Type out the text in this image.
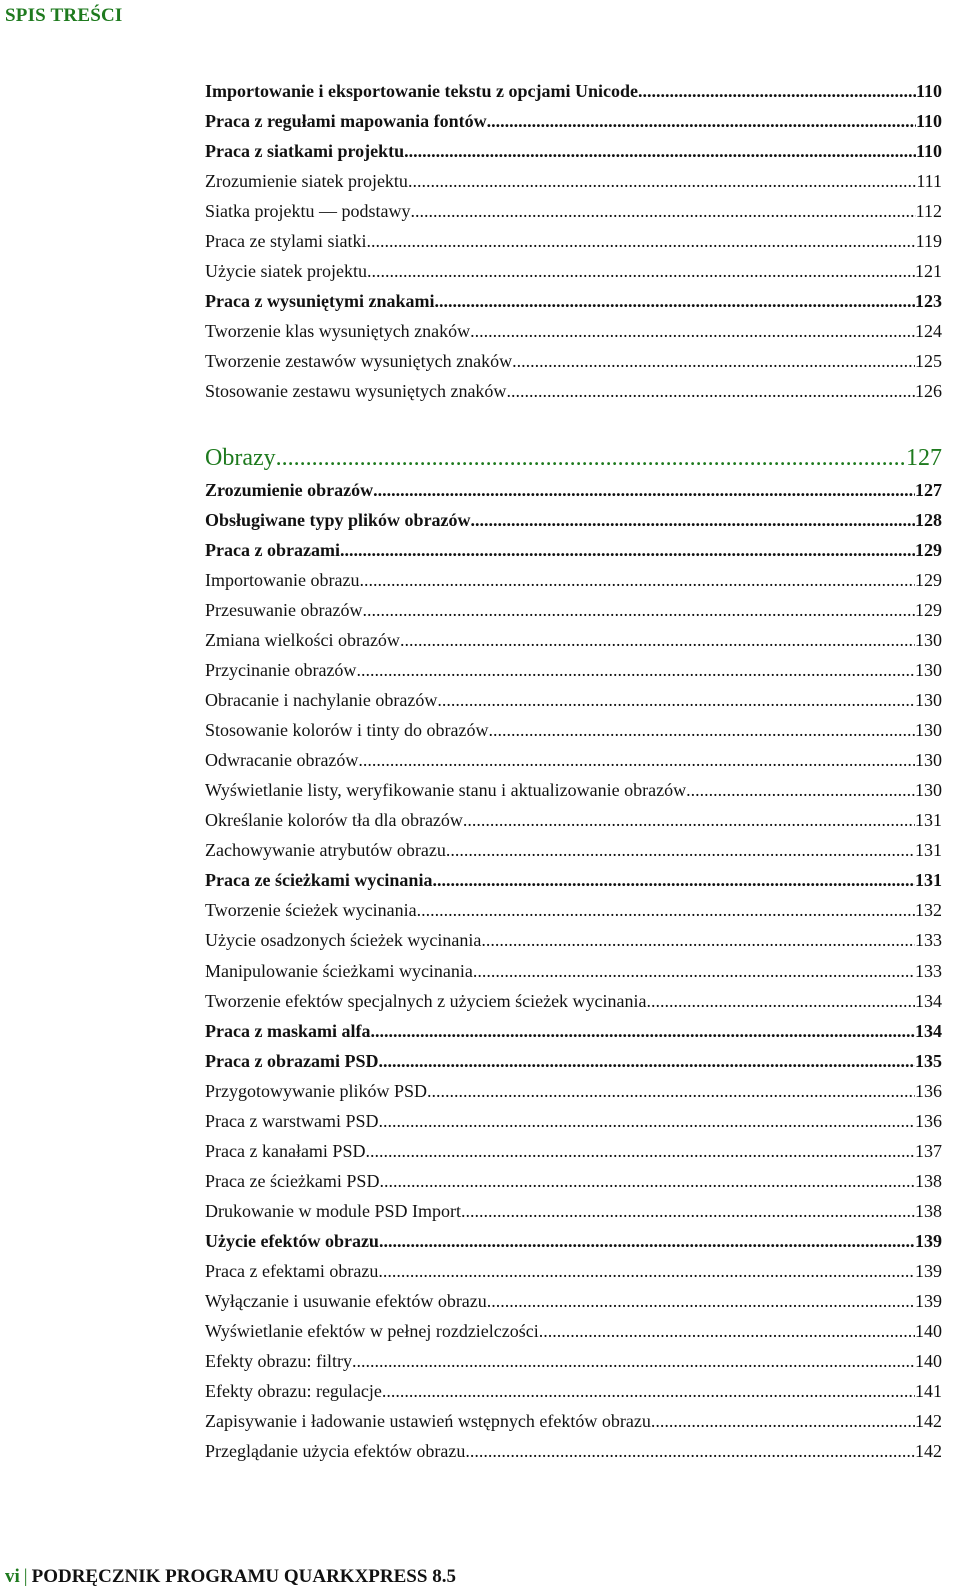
SPIS TREŚCI
Importowanie i eksportowanie tekstu z opcjami Unicode .....	110
Praca z regułami mapowania fontów .....	110
Praca z siatkami projektu .....	110
Zrozumienie siatek projektu .....	111
Siatka projektu — podstawy .....	112
Praca ze stylami siatki .....	119
Użycie siatek projektu .....	121
Praca z wysuniętymi znakami .....	123
Tworzenie klas wysuniętych znaków .....	124
Tworzenie zestawów wysuniętych znaków .....	125
Stosowanie zestawu wysuniętych znaków .....	126
Obrazy .....	127
Zrozumienie obrazów .....	127
Obsługiwane typy plików obrazów .....	128
Praca z obrazami .....	129
Importowanie obrazu .....	129
Przesuwanie obrazów .....	129
Zmiana wielkości obrazów .....	130
Przycinanie obrazów .....	130
Obracanie i nachylanie obrazów .....	130
Stosowanie kolorów i tinty do obrazów .....	130
Odwracanie obrazów .....	130
Wyświetlanie listy, weryfikowanie stanu i aktualizowanie obrazów .....	130
Określanie kolorów tła dla obrazów .....	131
Zachowywanie atrybutów obrazu .....	131
Praca ze ścieżkami wycinania .....	131
Tworzenie ścieżek wycinania .....	132
Użycie osadzonych ścieżek wycinania .....	133
Manipulowanie ścieżkami wycinania .....	133
Tworzenie efektów specjalnych z użyciem ścieżek wycinania .....	134
Praca z maskami alfa .....	134
Praca z obrazami PSD .....	135
Przygotowywanie plików PSD .....	136
Praca z warstwami PSD .....	136
Praca z kanałami PSD .....	137
Praca ze ścieżkami PSD .....	138
Drukowanie w module PSD Import .....	138
Użycie efektów obrazu .....	139
Praca z efektami obrazu .....	139
Wyłączanie i usuwanie efektów obrazu .....	139
Wyświetlanie efektów w pełnej rozdzielczości .....	140
Efekty obrazu: filtry .....	140
Efekty obrazu: regulacje .....	141
Zapisywanie i ładowanie ustawień wstępnych efektów obrazu .....	142
Przeglądanie użycia efektów obrazu .....	142
vi | PODRĘCZNIK PROGRAMU QUARKXPRESS 8.5
